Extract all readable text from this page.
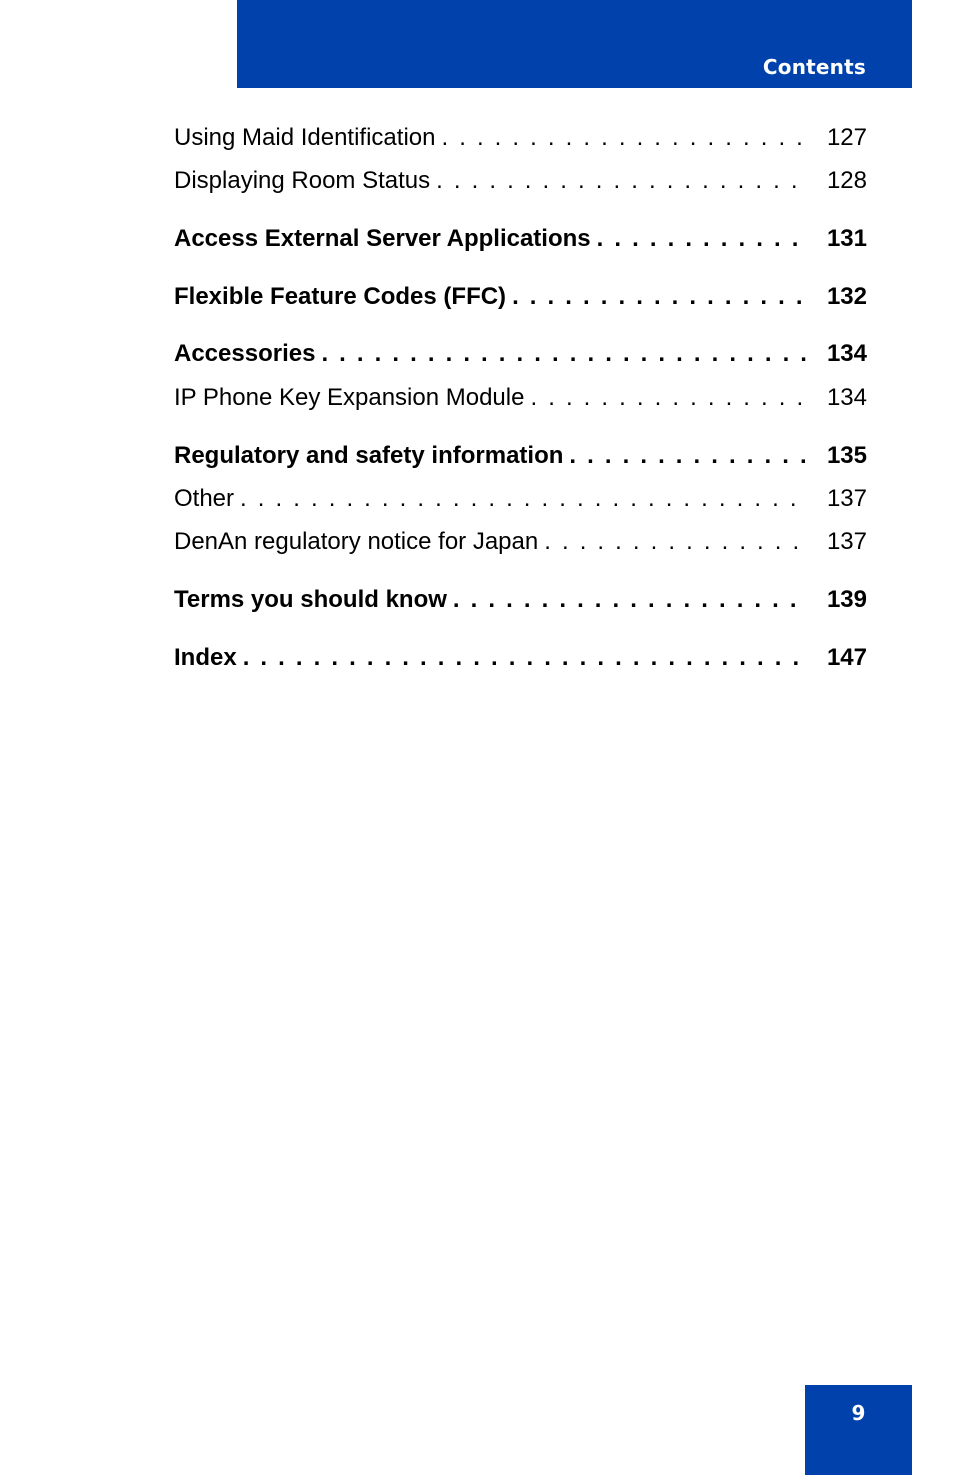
Contents
Using Maid Identification . . .	127
Displaying Room Status . . .	128
Access External Server Applications . . .	131
Flexible Feature Codes (FFC) . . .	132
Accessories . . .	134
IP Phone Key Expansion Module . . .	134
Regulatory and safety information . . .	135
Other . . .	137
DenAn regulatory notice for Japan . . .	137
Terms you should know . . .	139
Index . . .	147
9
